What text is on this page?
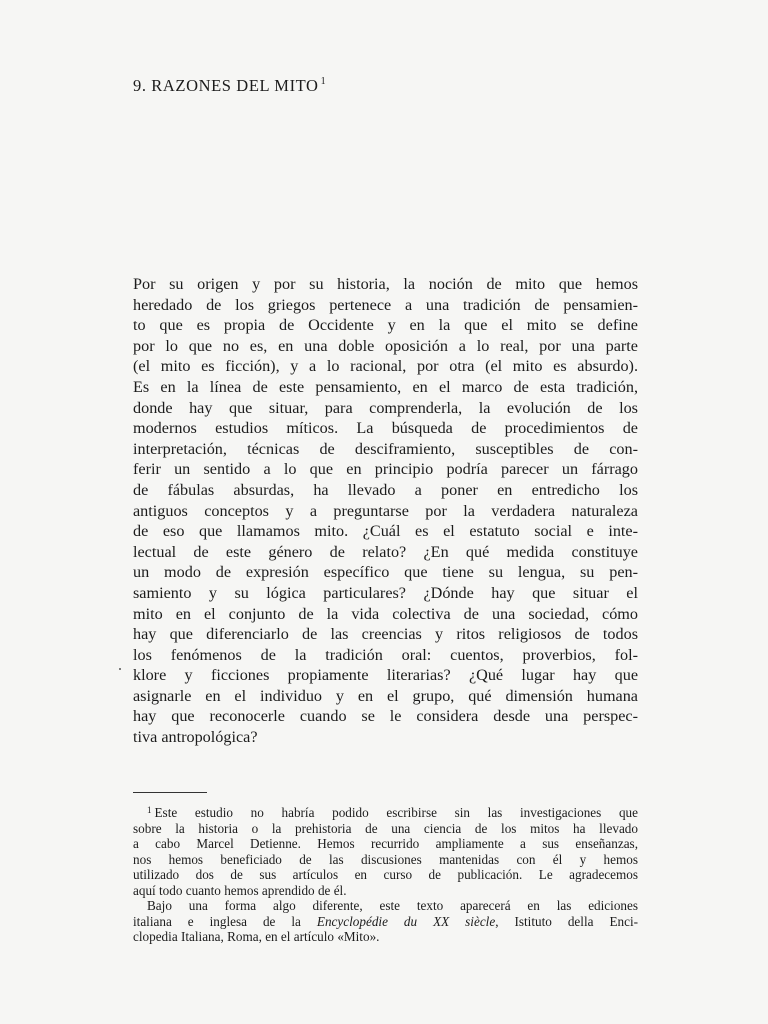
9. RAZONES DEL MITO $^1$
Por su origen y por su historia, la noción de mito que hemos
heredado de los griegos pertenece a una tradición de pensamien-
to que es propia de Occidente y en la que el mito se define
por lo que no es, en una doble oposición a lo real, por una parte
(el mito es ficción), y a lo racional, por otra (el mito es absurdo).
Es en la línea de este pensamiento, en el marco de esta tradición,
donde hay que situar, para comprenderla, la evolución de los
modernos estudios míticos. La búsqueda de procedimientos de
interpretación, técnicas de desciframiento, susceptibles de con-
ferir un sentido a lo que en principio podría parecer un fárrago
de fábulas absurdas, ha llevado a poner en entredicho los
antiguos conceptos y a preguntarse por la verdadera naturaleza
de eso que llamamos mito. ¿Cuál es el estatuto social e inte-
lectual de este género de relato? ¿En qué medida constituye
un modo de expresión específico que tiene su lengua, su pen-
samiento y su lógica particulares? ¿Dónde hay que situar el
mito en el conjunto de la vida colectiva de una sociedad, cómo
hay que diferenciarlo de las creencias y ritos religiosos de todos
los fenómenos de la tradición oral: cuentos, proverbios, fol-
klore y ficciones propiamente literarias? ¿Qué lugar hay que
asignarle en el individuo y en el grupo, qué dimensión humana
hay que reconocerle cuando se le considera desde una perspec-
tiva antropológica?
$^1$ Este estudio no habría podido escribirse sin las investigaciones que
sobre la historia o la prehistoria de una ciencia de los mitos ha llevado
a cabo Marcel Detienne. Hemos recurrido ampliamente a sus enseñanzas,
nos hemos beneficiado de las discusiones mantenidas con él y hemos
utilizado dos de sus artículos en curso de publicación. Le agradecemos
aquí todo cuanto hemos aprendido de él.
Bajo una forma algo diferente, este texto aparecerá en las ediciones
italiana e inglesa de la Encyclopédie du XX siècle, Istituto della Enci-
clopedia Italiana, Roma, en el artículo «Mito».
